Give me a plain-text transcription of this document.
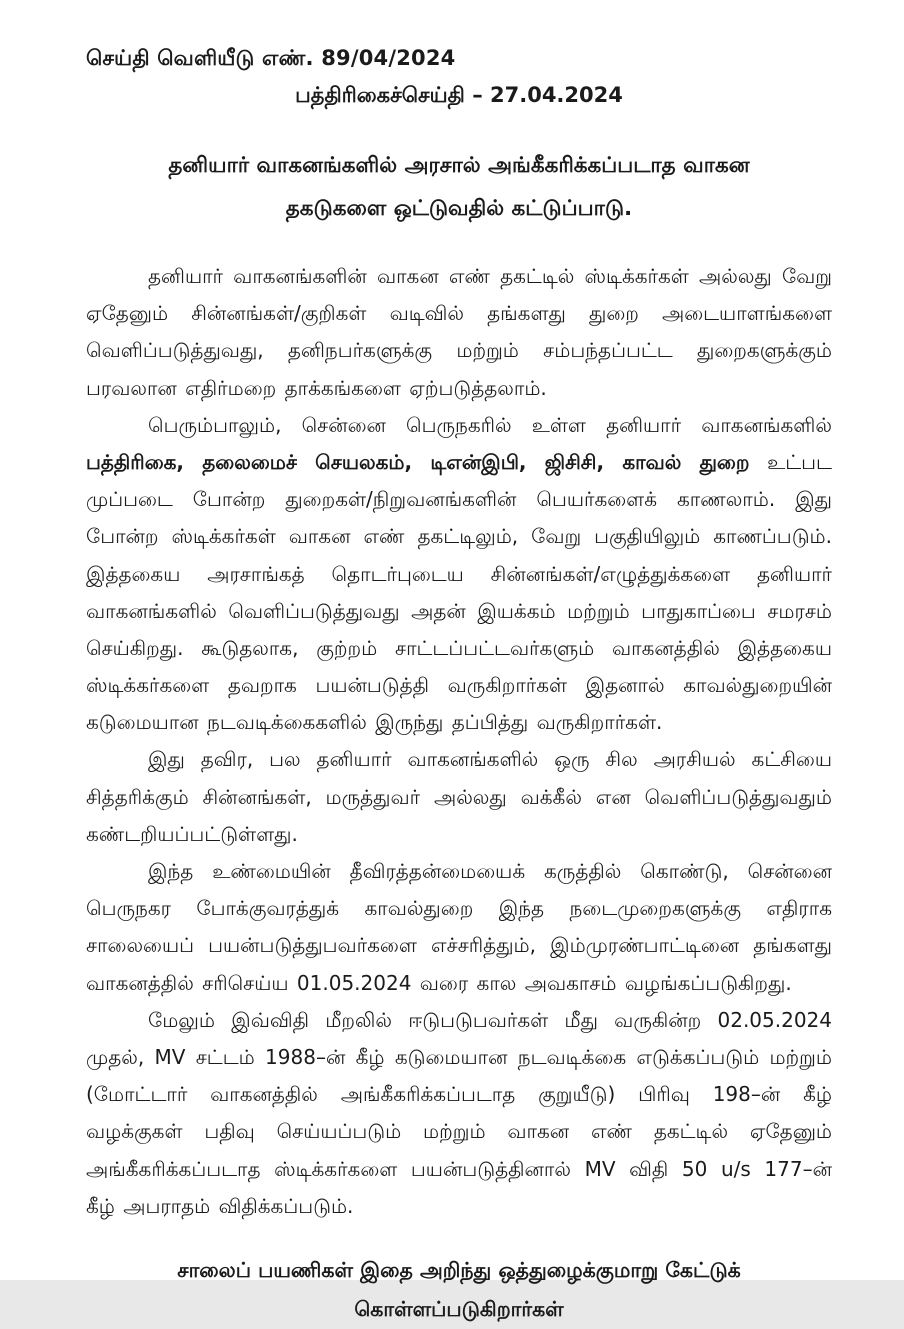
செய்தி வெளியீடு எண். 89/04/2024
பத்திரிகைச்செய்தி – 27.04.2024
தனியார் வாகனங்களில் அரசால் அங்கீகரிக்கப்படாத வாகன
தகடுகளை ஒட்டுவதில் கட்டுப்பாடு.

தனியார் வாகனங்களின் வாகன எண் தகட்டில் ஸ்டிக்கர்கள் அல்லது வேறு ஏதேனும் சின்னங்கள்/குறிகள் வடிவில் தங்களது துறை அடையாளங்களை வெளிப்படுத்துவது, தனிநபர்களுக்கு மற்றும் சம்பந்தப்பட்ட துறைகளுக்கும் பரவலான எதிர்மறை தாக்கங்களை ஏற்படுத்தலாம்.

பெரும்பாலும், சென்னை பெருநகரில் உள்ள தனியார் வாகனங்களில் பத்திரிகை, தலைமைச் செயலகம், டிஎன்இபி, ஜிசிசி, காவல் துறை உட்பட முப்படை போன்ற துறைகள்/நிறுவனங்களின் பெயர்களைக் காணலாம். இது போன்ற ஸ்டிக்கர்கள் வாகன எண் தகட்டிலும், வேறு பகுதியிலும் காணப்படும். இத்தகைய அரசாங்கத் தொடர்புடைய சின்னங்கள்/எழுத்துக்களை தனியார் வாகனங்களில் வெளிப்படுத்துவது அதன் இயக்கம் மற்றும் பாதுகாப்பை சமரசம் செய்கிறது. கூடுதலாக, குற்றம் சாட்டப்பட்டவர்களும் வாகனத்தில் இத்தகைய ஸ்டிக்கர்களை தவறாக பயன்படுத்தி வருகிறார்கள் இதனால் காவல்துறையின் கடுமையான நடவடிக்கைகளில் இருந்து தப்பித்து வருகிறார்கள்.

இது தவிர, பல தனியார் வாகனங்களில் ஒரு சில அரசியல் கட்சியை சித்தரிக்கும் சின்னங்கள், மருத்துவர் அல்லது வக்கீல் என வெளிப்படுத்துவதும் கண்டறியப்பட்டுள்ளது.

இந்த உண்மையின் தீவிரத்தன்மையைக் கருத்தில் கொண்டு, சென்னை பெருநகர போக்குவரத்துக் காவல்துறை இந்த நடைமுறைகளுக்கு எதிராக சாலையைப் பயன்படுத்துபவர்களை எச்சரித்தும், இம்முரண்பாட்டினை தங்களது வாகனத்தில் சரிசெய்ய 01.05.2024 வரை கால அவகாசம் வழங்கப்படுகிறது.

மேலும் இவ்விதி மீறலில் ஈடுபடுபவர்கள் மீது வருகின்ற 02.05.2024 முதல், MV சட்டம் 1988–ன் கீழ் கடுமையான நடவடிக்கை எடுக்கப்படும் மற்றும் (மோட்டார் வாகனத்தில் அங்கீகரிக்கப்படாத குறுயீடு) பிரிவு 198–ன் கீழ் வழக்குகள் பதிவு செய்யப்படும் மற்றும் வாகன எண் தகட்டில் ஏதேனும் அங்கீகரிக்கப்படாத ஸ்டிக்கர்களை பயன்படுத்தினால் MV விதி 50 u/s 177–ன் கீழ் அபராதம் விதிக்கப்படும்.

சாலைப் பயணிகள் இதை அறிந்து ஒத்துழைக்குமாறு கேட்டுக்
கொள்ளப்படுகிறார்கள்
